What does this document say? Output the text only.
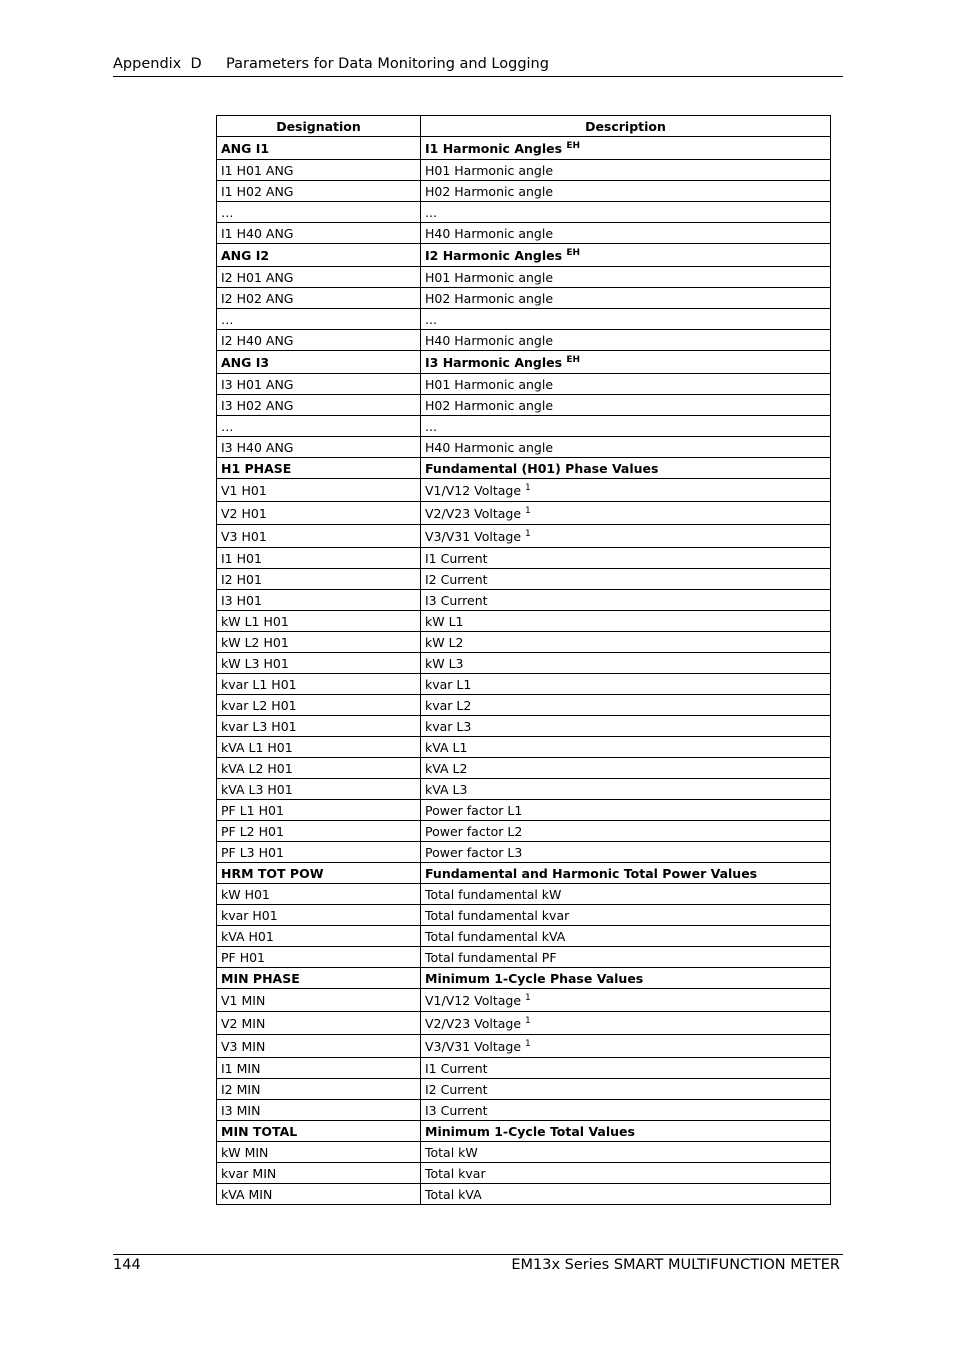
Appendix  D Parameters for Data Monitoring and Logging
Designation	Description
ANG I1	I1 Harmonic Angles $^{EH}$
I1 H01 ANG	H01 Harmonic angle
I1 H02 ANG	H02 Harmonic angle
…	...
I1 H40 ANG	H40 Harmonic angle
ANG I2	I2 Harmonic Angles $^{EH}$
I2 H01 ANG	H01 Harmonic angle
I2 H02 ANG	H02 Harmonic angle
…	...
I2 H40 ANG	H40 Harmonic angle
ANG I3	I3 Harmonic Angles $^{EH}$
I3 H01 ANG	H01 Harmonic angle
I3 H02 ANG	H02 Harmonic angle
…	...
I3 H40 ANG	H40 Harmonic angle
H1 PHASE	Fundamental (H01) Phase Values
V1 H01	V1/V12 Voltage $^1$
V2 H01	V2/V23 Voltage $^1$
V3 H01	V3/V31 Voltage $^1$
I1 H01	I1 Current
I2 H01	I2 Current
I3 H01	I3 Current
kW L1 H01	kW L1
kW L2 H01	kW L2
kW L3 H01	kW L3
kvar L1 H01	kvar L1
kvar L2 H01	kvar L2
kvar L3 H01	kvar L3
kVA L1 H01	kVA L1
kVA L2 H01	kVA L2
kVA L3 H01	kVA L3
PF L1 H01	Power factor L1
PF L2 H01	Power factor L2
PF L3 H01	Power factor L3
HRM TOT POW	Fundamental and Harmonic Total Power Values
kW H01	Total fundamental kW
kvar H01	Total fundamental kvar
kVA H01	Total fundamental kVA
PF H01	Total fundamental PF
MIN PHASE	Minimum 1-Cycle Phase Values
V1 MIN	V1/V12 Voltage $^1$
V2 MIN	V2/V23 Voltage $^1$
V3 MIN	V3/V31 Voltage $^1$
I1 MIN	I1 Current
I2 MIN	I2 Current
I3 MIN	I3 Current
MIN TOTAL	Minimum 1-Cycle Total Values
kW MIN	Total kW
kvar MIN	Total kvar
kVA MIN	Total kVA
144	EM13x Series SMART MULTIFUNCTION METER
